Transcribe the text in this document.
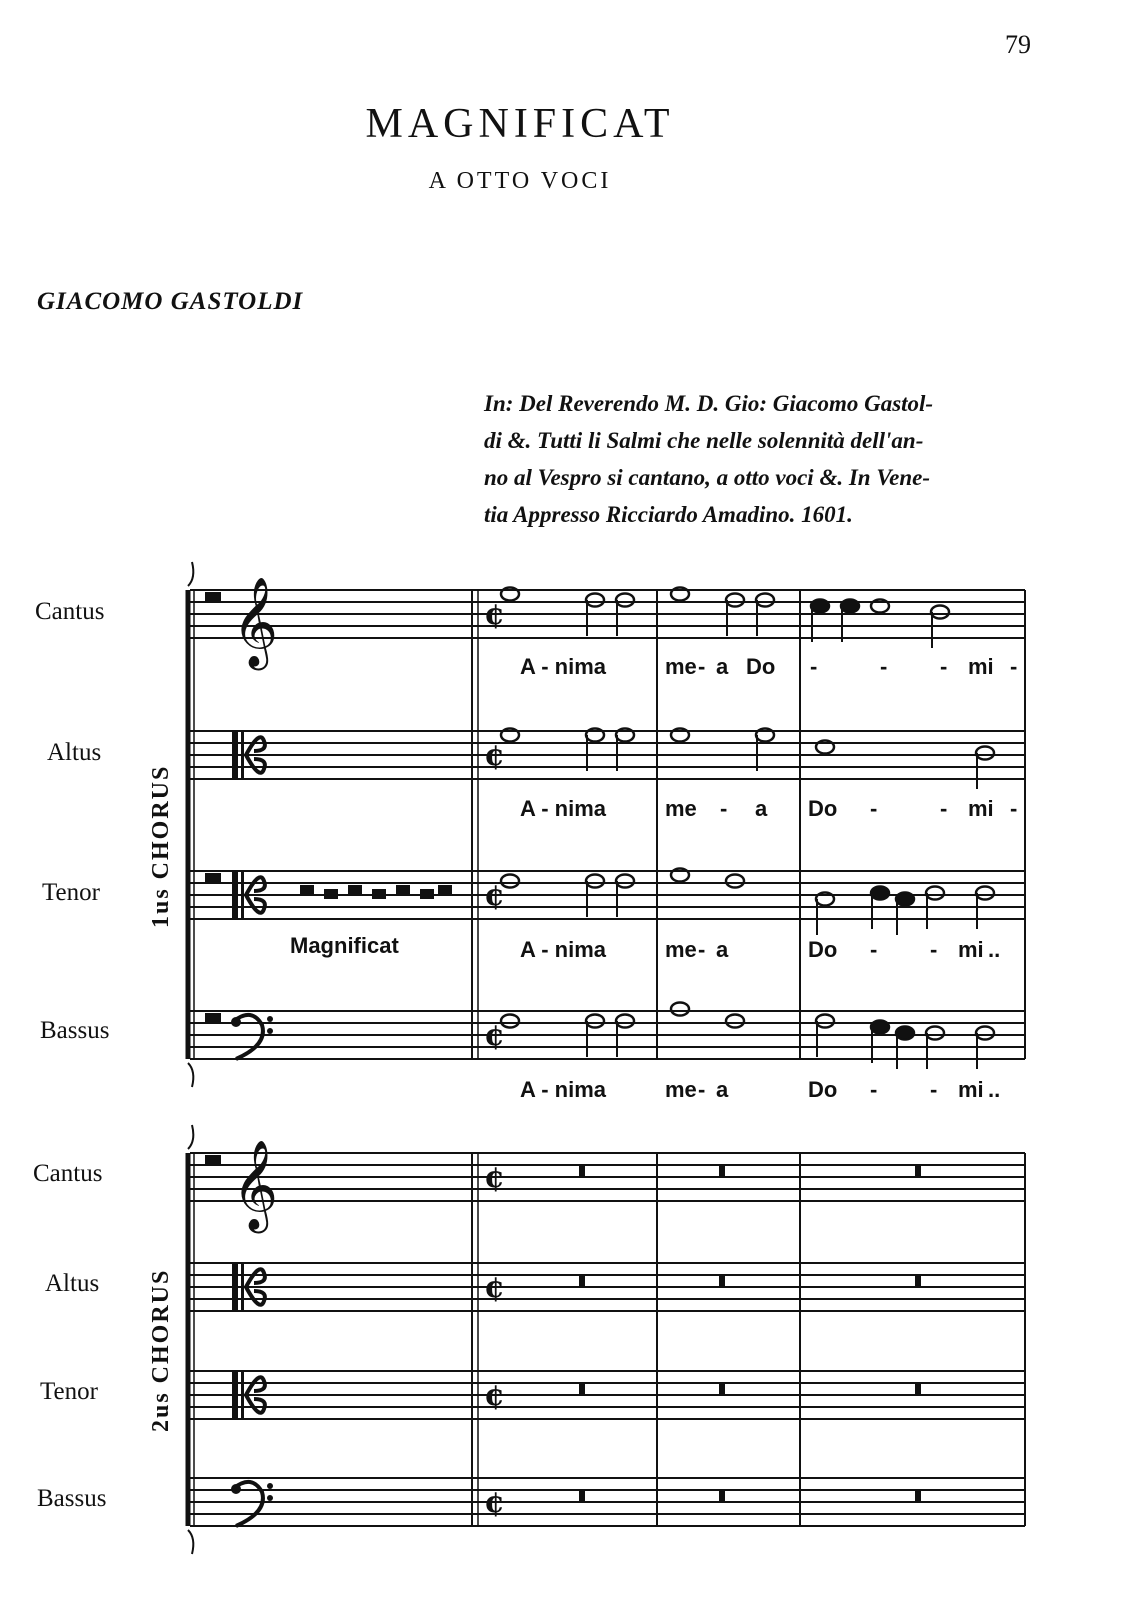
79
MAGNIFICAT
A OTTO VOCI
GIACOMO GASTOLDI
In: Del Reverendo M. D. Gio: Giacomo Gastol-
di &. Tutti li Salmi che nelle solennità dell'an-
no al Vespro si cantano, a otto voci &. In Vene-
tia Appresso Ricciardo Amadino. 1601.
Cantus
Altus
Tenor
Bassus
Cantus
Altus
Tenor
Bassus
1us CHORUS
2us CHORUS
𝄞	¢
¢
¢
¢
𝄞	¢
¢
¢
¢
A - nima	me - a Do -	- - mi -
A - nima	me - a Do -	- mi -
Magnificat	A - nima	me - a	Do - - mi ..
A - nima	me - a	Do - - mi ..
